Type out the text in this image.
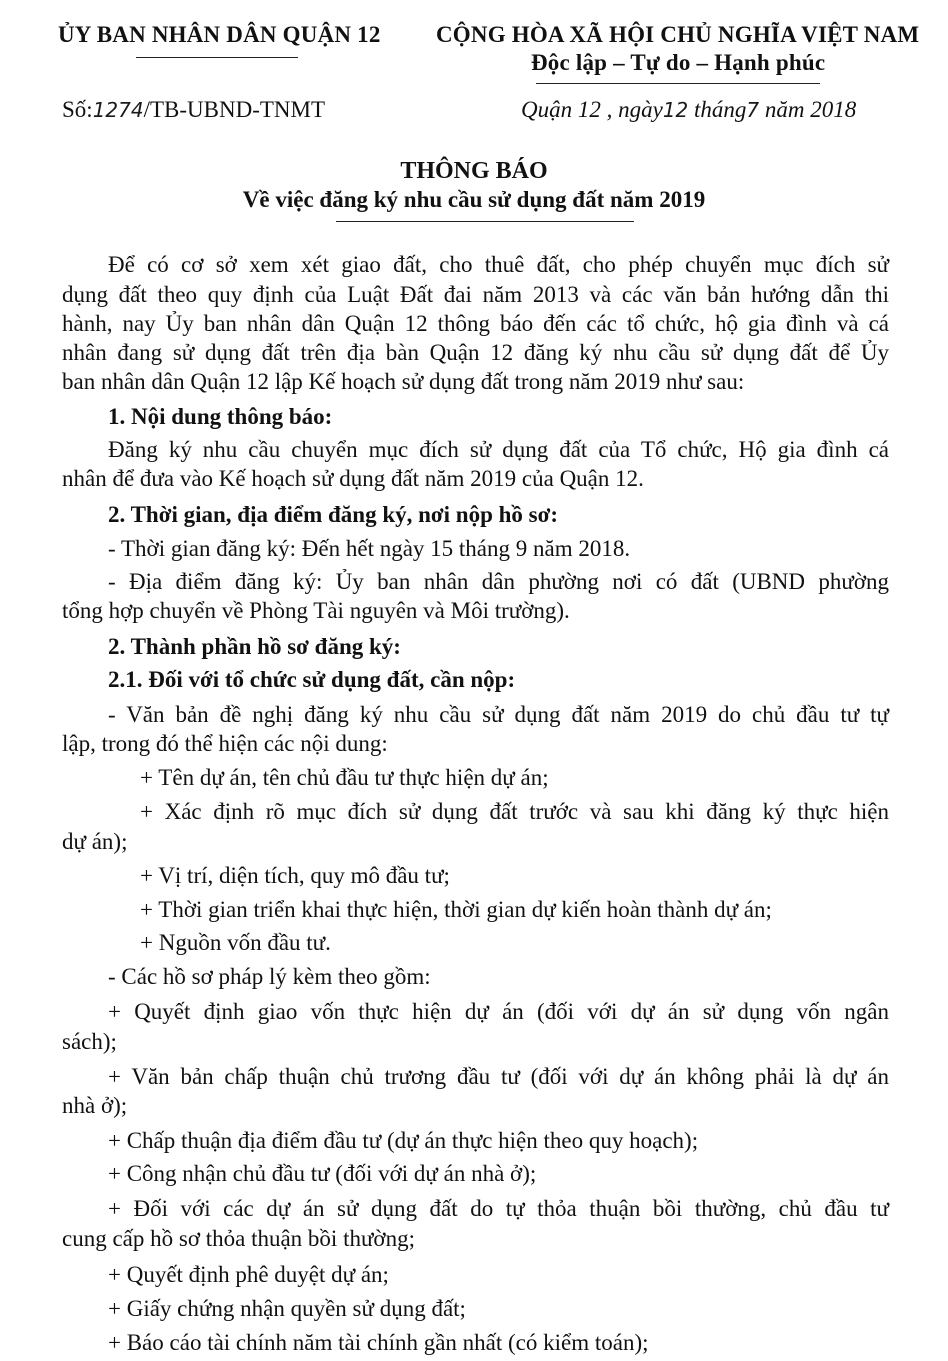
ỦY BAN NHÂN DÂN QUẬN 12 CỘNG HÒA XÃ HỘI CHỦ NGHĨA VIỆT NAM
Độc lập – Tự do – Hạnh phúc
Số:1274/TB-UBND-TNMT	Quận 12 , ngày12 tháng7 năm 2018
THÔNG BÁO
Về việc đăng ký nhu cầu sử dụng đất năm 2019
Để có cơ sở xem xét giao đất, cho thuê đất, cho phép chuyển mục đích sử
dụng đất theo quy định của Luật Đất đai năm 2013 và các văn bản hướng dẫn thi
hành, nay Ủy ban nhân dân Quận 12 thông báo đến các tổ chức, hộ gia đình và cá
nhân đang sử dụng đất trên địa bàn Quận 12 đăng ký nhu cầu sử dụng đất để Ủy
ban nhân dân Quận 12 lập Kế hoạch sử dụng đất trong năm 2019 như sau:
1. Nội dung thông báo:
Đăng ký nhu cầu chuyển mục đích sử dụng đất của Tổ chức, Hộ gia đình cá
nhân để đưa vào Kế hoạch sử dụng đất năm 2019 của Quận 12.
2. Thời gian, địa điểm đăng ký, nơi nộp hồ sơ:
- Thời gian đăng ký: Đến hết ngày 15 tháng 9 năm 2018.
- Địa điểm đăng ký: Ủy ban nhân dân phường nơi có đất (UBND phường
tổng hợp chuyển về Phòng Tài nguyên và Môi trường).
2. Thành phần hồ sơ đăng ký:
2.1. Đối với tổ chức sử dụng đất, cần nộp:
- Văn bản đề nghị đăng ký nhu cầu sử dụng đất năm 2019 do chủ đầu tư tự
lập, trong đó thể hiện các nội dung:
+ Tên dự án, tên chủ đầu tư thực hiện dự án;
+ Xác định rõ mục đích sử dụng đất trước và sau khi đăng ký thực hiện
dự án);
+ Vị trí, diện tích, quy mô đầu tư;
+ Thời gian triển khai thực hiện, thời gian dự kiến hoàn thành dự án;
+ Nguồn vốn đầu tư.
- Các hồ sơ pháp lý kèm theo gồm:
+ Quyết định giao vốn thực hiện dự án (đối với dự án sử dụng vốn ngân
sách);
+ Văn bản chấp thuận chủ trương đầu tư (đối với dự án không phải là dự án
nhà ở);
+ Chấp thuận địa điểm đầu tư (dự án thực hiện theo quy hoạch);
+ Công nhận chủ đầu tư (đối với dự án nhà ở);
+ Đối với các dự án sử dụng đất do tự thỏa thuận bồi thường, chủ đầu tư
cung cấp hồ sơ thỏa thuận bồi thường;
+ Quyết định phê duyệt dự án;
+ Giấy chứng nhận quyền sử dụng đất;
+ Báo cáo tài chính năm tài chính gần nhất (có kiểm toán);
